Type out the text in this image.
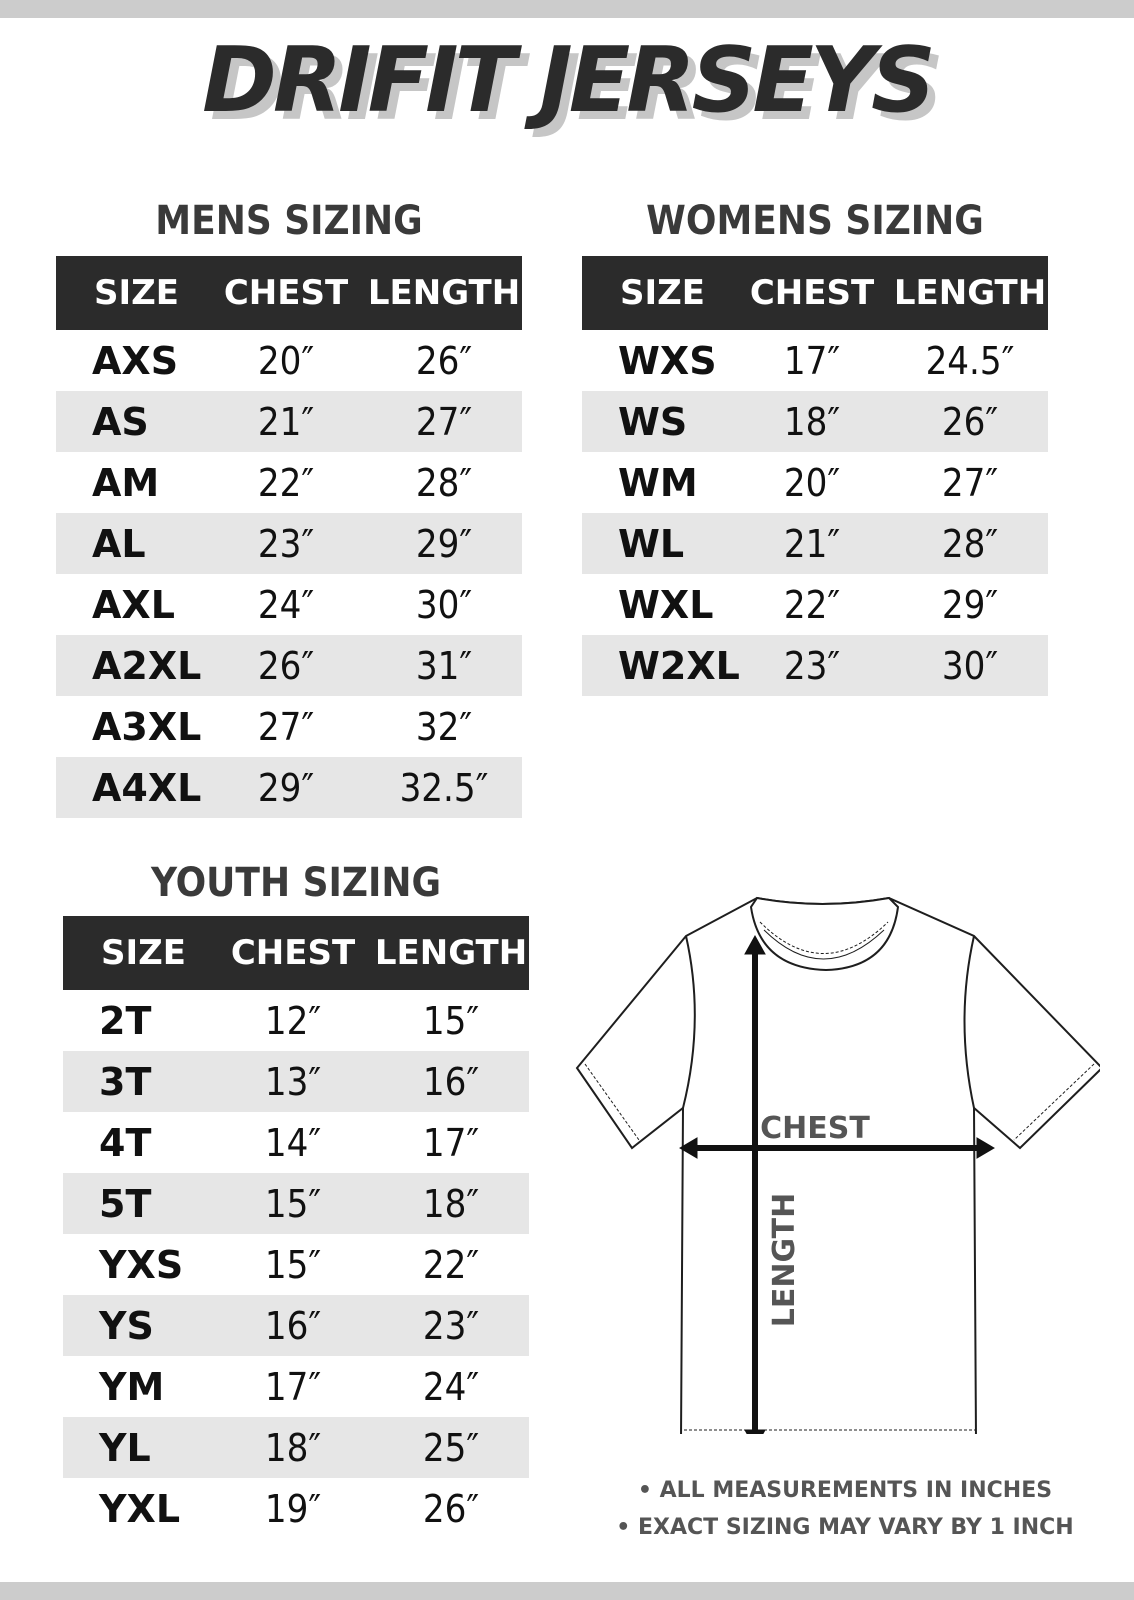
DRIFIT JERSEYS
MENS SIZING
SIZE	CHEST LENGTH
AXS	20″	26″
AS	21″	27″
AM	22″	28″
AL	23″	29″
AXL	24″	30″
A2XL	26″	31″
A3XL	27″	32″
A4XL	29″	32.5″
WOMENS SIZING
SIZE	CHEST LENGTH
WXS	17″	24.5″
WS	18″	26″
WM	20″	27″
WL	21″	28″
WXL	22″	29″
W2XL	23″	30″
YOUTH SIZING
SIZE	CHEST LENGTH
2T	12″	15″
3T	13″	16″
4T	14″	17″
5T	15″	18″
YXS	15″	22″
YS	16″	23″
YM	17″	24″
YL	18″	25″
YXL	19″	26″
CHEST
LENGTH
• ALL MEASUREMENTS IN INCHES
• EXACT SIZING MAY VARY BY 1 INCH
